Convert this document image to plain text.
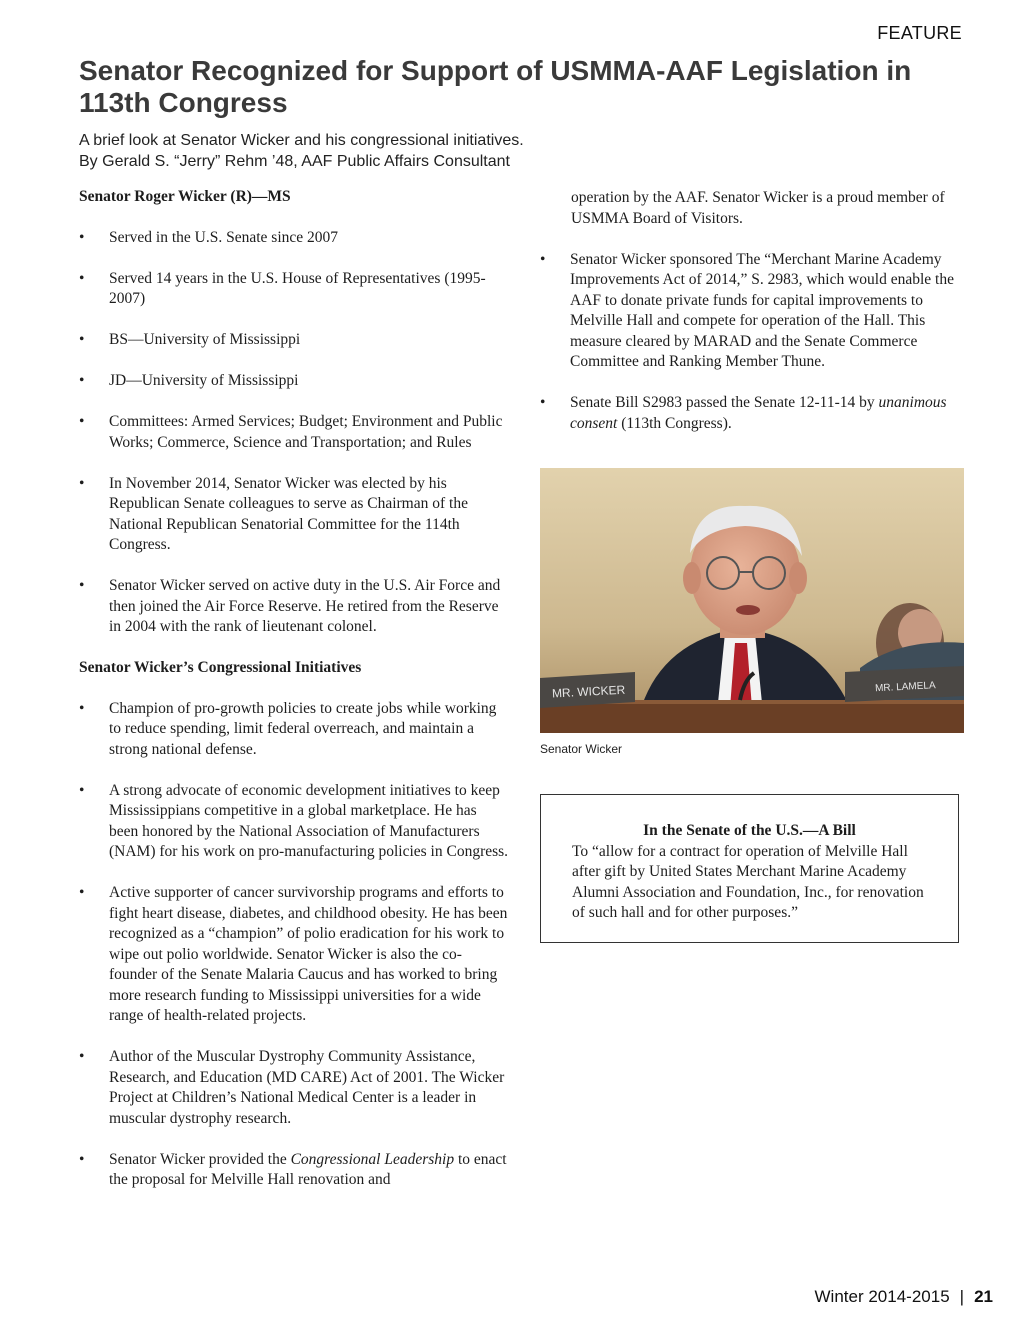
FEATURE
Senator Recognized for Support of USMMA-AAF Legislation in 113th Congress
A brief look at Senator Wicker and his congressional initiatives.
By Gerald S. “Jerry” Rehm ’48, AAF Public Affairs Consultant
Senator Roger Wicker (R)—MS
• Served in the U.S. Senate since 2007
• Served 14 years in the U.S. House of Representatives (1995-2007)
• BS—University of Mississippi
• JD—University of Mississippi
• Committees: Armed Services; Budget; Environment and Public Works; Commerce, Science and Transportation; and Rules
• In November 2014, Senator Wicker was elected by his Republican Senate colleagues to serve as Chairman of the National Republican Senatorial Committee for the 114th Congress.
• Senator Wicker served on active duty in the U.S. Air Force and then joined the Air Force Reserve. He retired from the Reserve in 2004 with the rank of lieutenant colonel.
Senator Wicker’s Congressional Initiatives
• Champion of pro-growth policies to create jobs while working to reduce spending, limit federal overreach, and maintain a strong national defense.
• A strong advocate of economic development initiatives to keep Mississippians competitive in a global marketplace. He has been honored by the National Association of Manufacturers (NAM) for his work on pro-manufacturing policies in Congress.
• Active supporter of cancer survivorship programs and efforts to fight heart disease, diabetes, and childhood obesity. He has been recognized as a “champion” of polio eradication for his work to wipe out polio worldwide. Senator Wicker is also the co-founder of the Senate Malaria Caucus and has worked to bring more research funding to Mississippi universities for a wide range of health-related projects.
• Author of the Muscular Dystrophy Community Assistance, Research, and Education (MD CARE) Act of 2001. The Wicker Project at Children’s National Medical Center is a leader in muscular dystrophy research.
• Senator Wicker provided the Congressional Leadership to enact the proposal for Melville Hall renovation and
operation by the AAF. Senator Wicker is a proud member of USMMA Board of Visitors.
• Senator Wicker sponsored The “Merchant Marine Academy Improvements Act of 2014,” S. 2983, which would enable the AAF to donate private funds for capital improvements to Melville Hall and compete for operation of the Hall. This measure cleared by MARAD and the Senate Commerce Committee and Ranking Member Thune.
• Senate Bill S2983 passed the Senate 12-11-14 by unanimous consent (113th Congress).
MR. WICKER	MR. LAMELA
Senator Wicker
In the Senate of the U.S.—A Bill
To “allow for a contract for operation of Melville Hall after gift by United States Merchant Marine Academy Alumni Association and Foundation, Inc., for renovation of such hall and for other purposes.”
Winter 2014-2015 | 21
